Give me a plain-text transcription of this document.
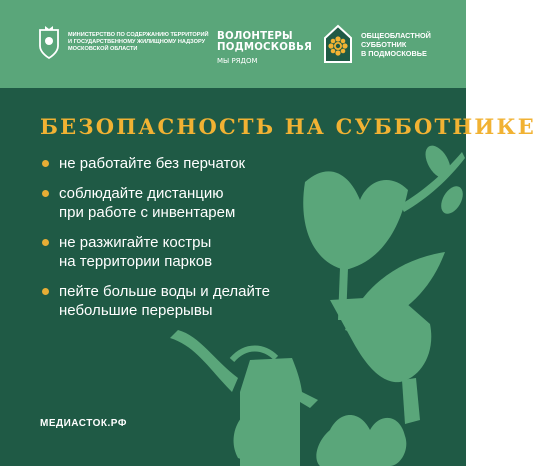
МИНИСТЕРСТВО ПО СОДЕРЖАНИЮ ТЕРРИТОРИЙ
И ГОСУДАРСТВЕННОМУ ЖИЛИЩНОМУ НАДЗОРУ
МОСКОВСКОЙ ОБЛАСТИ
ВОЛОНТЕРЫ
ПОДМОСКОВЬЯ
МЫ РЯДОМ
ОБЩЕОБЛАСТНОЙ
СУББОТНИК
В ПОДМОСКОВЬЕ
БЕЗОПАСНОСТЬ НА СУББОТНИКЕ
не работайте без перчаток
соблюдайте дистанцию
при работе с инвентарем
не разжигайте костры
на территории парков
пейте больше воды и делайте
небольшие перерывы
МЕДИАСТОК.РФ
